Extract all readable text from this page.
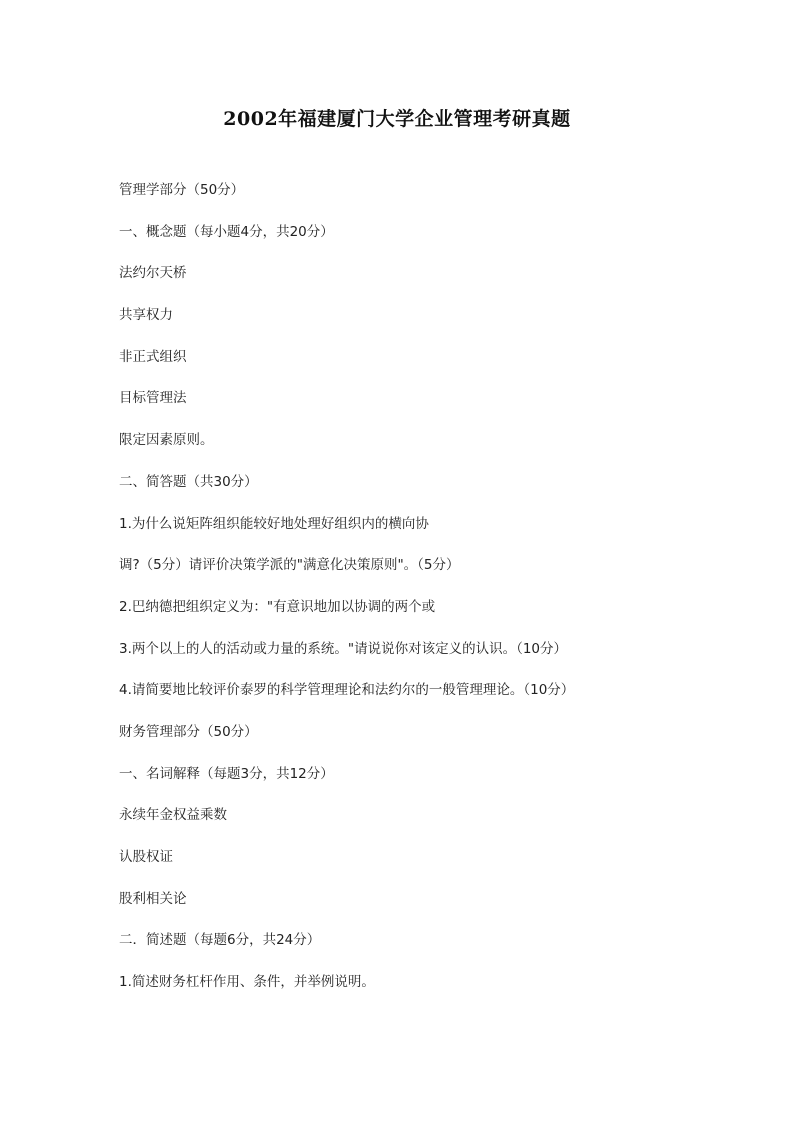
2002年福建厦门大学企业管理考研真题
管理学部分（50分）
一、概念题（每小题4分，共20分）
法约尔天桥
共享权力
非正式组织
目标管理法
限定因素原则。
二、简答题（共30分）
1.为什么说矩阵组织能较好地处理好组织内的横向协
调?（5分）请评价决策学派的"满意化决策原则"。（5分）
2.巴纳德把组织定义为："有意识地加以协调的两个或
3.两个以上的人的活动或力量的系统。"请说说你对该定义的认识。（10分）
4.请简要地比较评价泰罗的科学管理理论和法约尔的一般管理理论。（10分）
财务管理部分（50分）
一、名词解释（每题3分，共12分）
永续年金权益乘数
认股权证
股利相关论
二．简述题（每题6分，共24分）
1.简述财务杠杆作用、条件，并举例说明。
